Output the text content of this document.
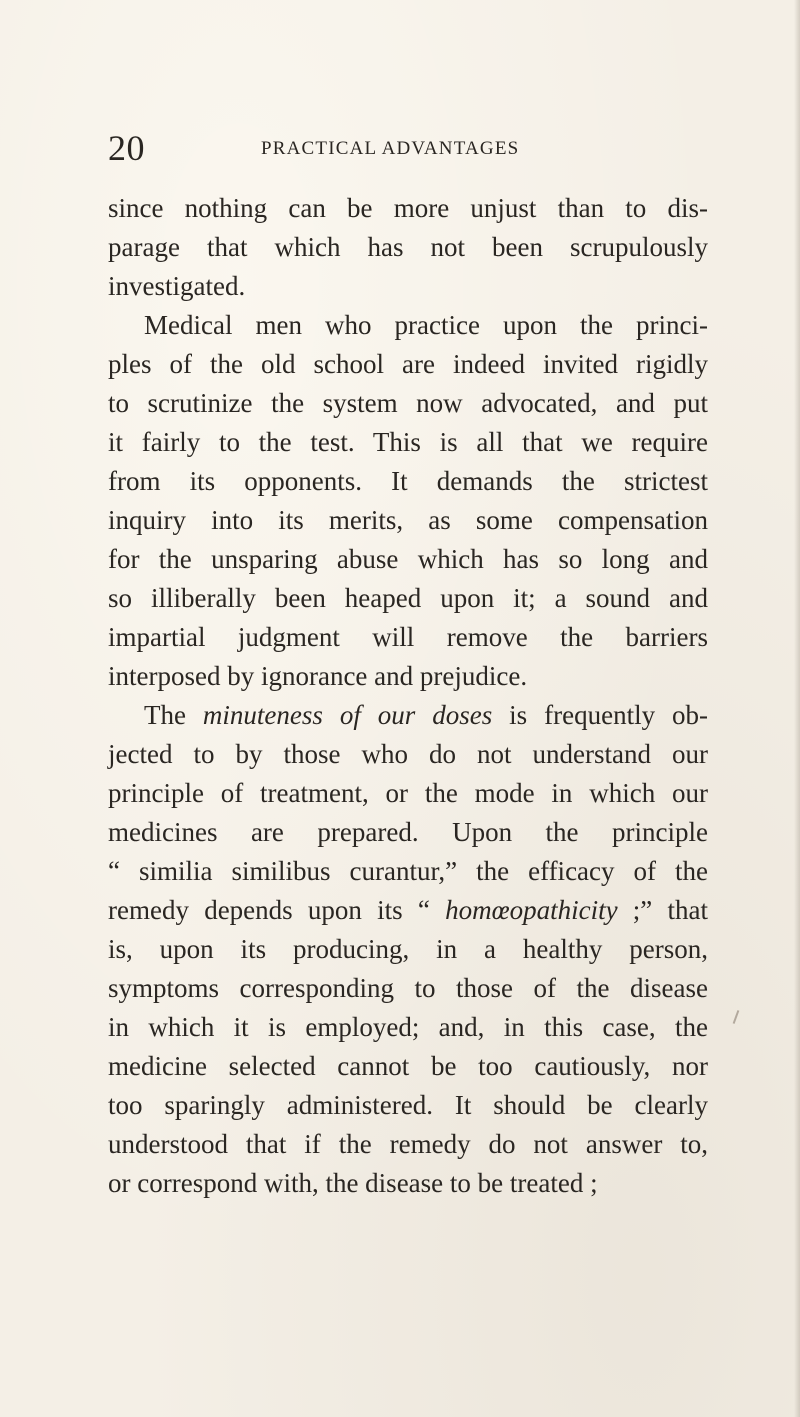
20	PRACTICAL ADVANTAGES
since nothing can be more unjust than to dis-
parage that which has not been scrupulously
investigated.
Medical men who practice upon the princi-
ples of the old school are indeed invited rigidly
to scrutinize the system now advocated, and put
it fairly to the test. This is all that we require
from its opponents. It demands the strictest
inquiry into its merits, as some compensation
for the unsparing abuse which has so long and
so illiberally been heaped upon it; a sound and
impartial judgment will remove the barriers
interposed by ignorance and prejudice.
The minuteness of our doses is frequently ob-
jected to by those who do not understand our
principle of treatment, or the mode in which our
medicines are prepared. Upon the principle
“ similia similibus curantur,” the efficacy of the
remedy depends upon its “ homœopathicity ;” that
is, upon its producing, in a healthy person,
symptoms corresponding to those of the disease
in which it is employed; and, in this case, the
medicine selected cannot be too cautiously, nor
too sparingly administered. It should be clearly
understood that if the remedy do not answer to,
or correspond with, the disease to be treated ;
